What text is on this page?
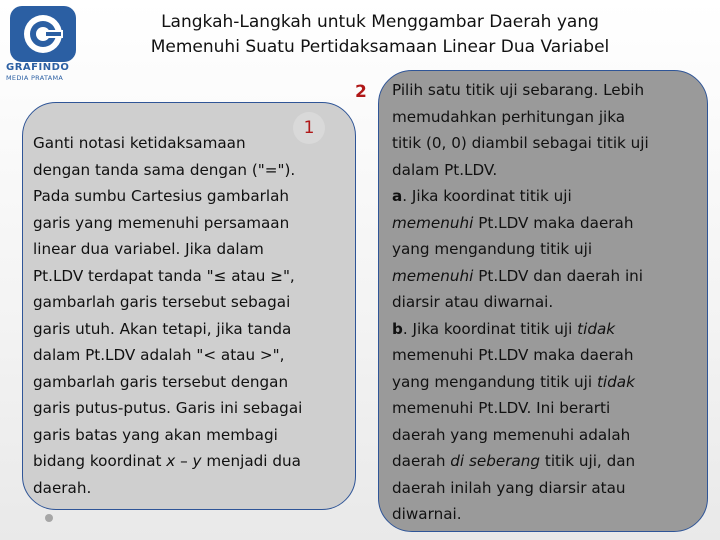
GRAFINDO
MEDIA PRATAMA
Langkah-Langkah untuk Menggambar Daerah yang
Memenuhi Suatu Pertidaksamaan Linear Dua Variabel
1
2
Ganti notasi ketidaksamaan
dengan tanda sama dengan ("=").
Pada sumbu Cartesius gambarlah
garis yang memenuhi persamaan
linear dua variabel. Jika dalam
Pt.LDV terdapat tanda "≤ atau ≥",
gambarlah garis tersebut sebagai
garis utuh. Akan tetapi, jika tanda
dalam Pt.LDV adalah "< atau >",
gambarlah garis tersebut dengan
garis putus-putus. Garis ini sebagai
garis batas yang akan membagi
bidang koordinat x – y menjadi dua
daerah.
Pilih satu titik uji sebarang. Lebih
memudahkan perhitungan jika
titik (0, 0) diambil sebagai titik uji
dalam Pt.LDV.
a. Jika koordinat titik uji
memenuhi Pt.LDV maka daerah
yang mengandung titik uji
memenuhi Pt.LDV dan daerah ini
diarsir atau diwarnai.
b. Jika koordinat titik uji tidak
memenuhi Pt.LDV maka daerah
yang mengandung titik uji tidak
memenuhi Pt.LDV. Ini berarti
daerah yang memenuhi adalah
daerah di seberang titik uji, dan
daerah inilah yang diarsir atau
diwarnai.
